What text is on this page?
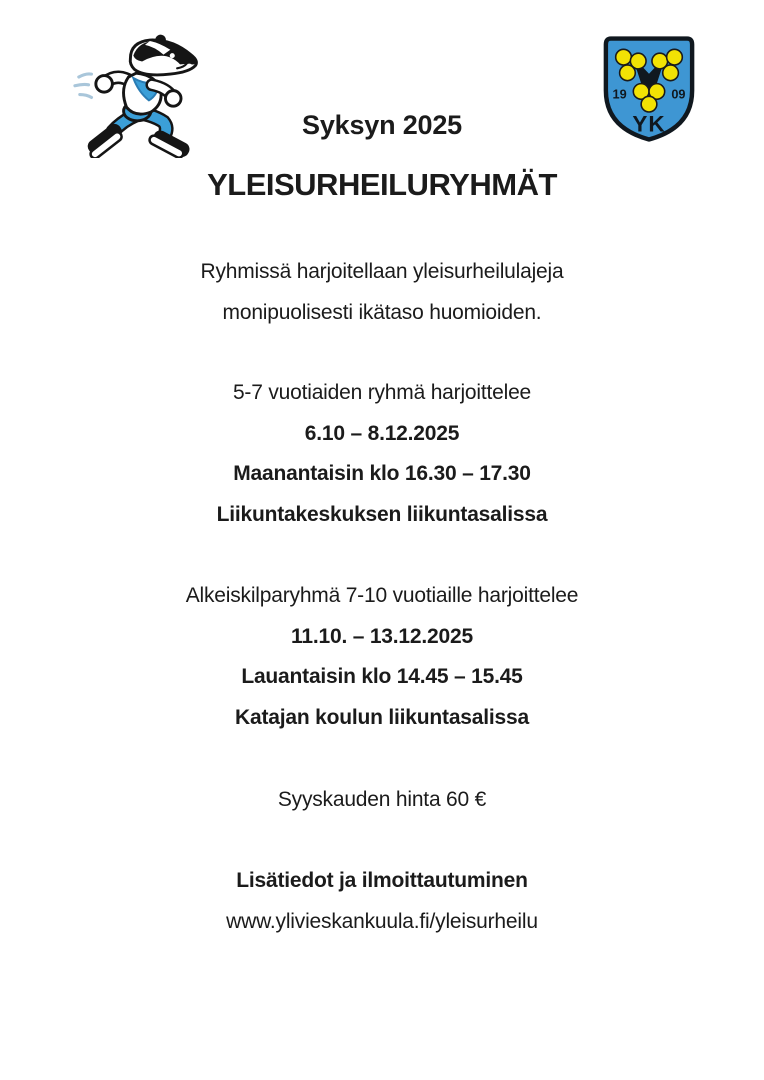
19	09
YK
Syksyn 2025
YLEISURHEILURYHMÄT
Ryhmissä harjoitellaan yleisurheilulajeja
monipuolisesti ikätaso huomioiden.
5-7 vuotiaiden ryhmä harjoittelee
6.10 – 8.12.2025
Maanantaisin klo 16.30 – 17.30
Liikuntakeskuksen liikuntasalissa
Alkeiskilparyhmä 7-10 vuotiaille harjoittelee
11.10. – 13.12.2025
Lauantaisin klo 14.45 – 15.45
Katajan koulun liikuntasalissa
Syyskauden hinta 60 €
Lisätiedot ja ilmoittautuminen
www.ylivieskankuula.fi/yleisurheilu
